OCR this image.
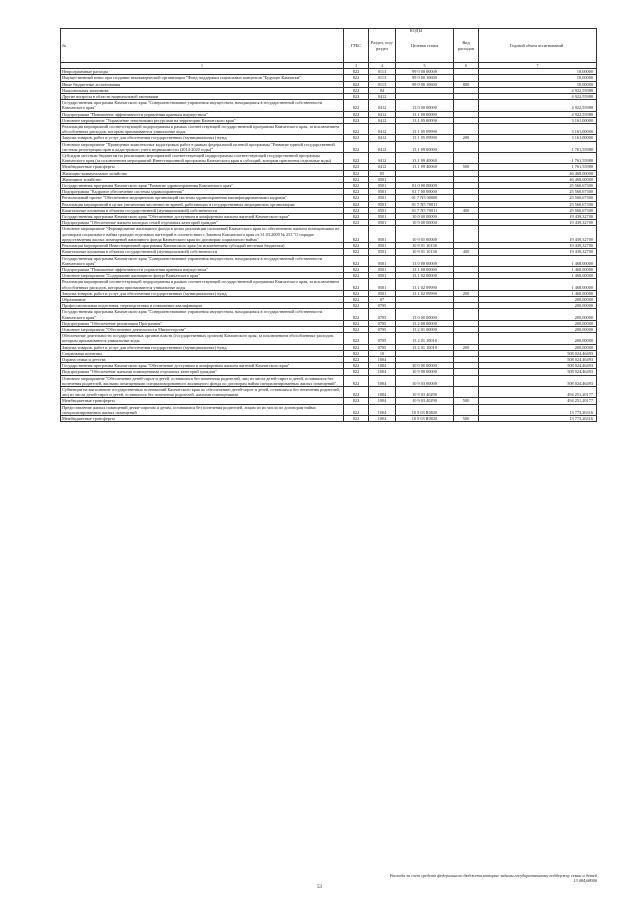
№	ГРБС	Раздел, под-раздел	Целевая статья	Вид расходов	Годовой объем ассигнований
1	3	4	5	6	7
Непрограммные расходы	822	0113	99 0 00 00000		10,00000
Имущественный взнос при создании некоммерческой организации "Фонд поддержки социальных концептов "Будущее Камчатки"	822	0113	99 0 00 10600		10,00000
Иные бюджетные ассигнования	822	0113	99 0 00 10600	800	10,00000
Национальная экономика	822	04			4 922,55988
Другие вопросы в области национальной экономики	822	0412			4 922,55988
Государственная программа Камчатского края "Совершенствование управления имуществом, находящимся в государственной собственности Камчатского края"	822	0412	13 0 00 00000		4 922,55988
Подпрограмма "Повышение эффективности управления краевым имуществом"	822	0412	13 1 00 00000		4 922,55988
Основное мероприятие "Управление земельными ресурсами на территории Камчатского края"	822	0412	13 1 05 00000		3 161,00000
Реализация мероприятий соответствующей подпрограммы в рамках соответствующей государственной программы Камчатского края, за исключением обособленных расходов, которым присваиваются уникальные коды	822	0412	13 1 05 09990		3 161,00000
Закупка товаров, работ и услуг для обеспечения государственных (муниципальных) нужд	822	0412	13 1 05 09990	200	3 161,00000
Основное мероприятие "Проведение комплексных кадастровых работ в рамках федеральной целевой программы "Развитие единой государственной системы регистрации прав и кадастрового учета недвижимости (2014-2020 годы)"	822	0412	13 1 09 00000		1 761,55988
Субсидии местным бюджетам на реализацию мероприятий соответствующей подпрограммы соответствующей государственной программы Камчатского края (за исключением мероприятий Инвестиционной программы Камчатского края и субсидий, которым присвоены отдельные коды)	822	0412	13 1 09 40060		1 761,55988
Межбюджетные трансферты	822	0412	13 1 09 40060	500	1 761,55988
Жилищно-коммунальное хозяйство	822	05			46 468,00000
Жилищное хозяйство	822	0501			46 468,00000
Государственная программа Камчатского края "Развитие здравоохранения Камчатского края"	822	0501	01 0 00 00000		25 560,67300
Подпрограмма "Кадровое обеспечение системы здравоохранения"	822	0501	01 7 00 00000		25 560,67300
Региональный проект "Обеспечение медицинских организаций системы здравоохранения квалифицированными кадрами"	822	0501	01 7 N5 00000		25 560,67300
Реализация мероприятий в целях увеличения численности врачей, работающих в государственных медицинских организациях	822	0501	01 7 N5 70011		25 560,67300
Капитальные вложения в объекты государственной (муниципальной) собственности	822	0501	01 7 N5 70011	400	25 560,67300
Государственная программа Камчатского края "Обеспечение доступным и комфортным жильем жителей Камчатского края"	822	0501	10 0 00 00000		19 439,32700
Подпрограмма "Обеспечение жильем молодых семей отдельных категорий граждан"	822	0501	10 9 00 00000		19 439,32700
Основное мероприятие "Формирование жилищного фонда в целях реализации положений Камчатского края по обеспечению жильем помещениями по договорам социального найма граждан отдельных категорий в соответствии с Законом Камчатского края от 31.03.2009 № 253 "О порядке предоставления жилых помещений жилищного фонда Камчатского края по договорам социального найма"	822	0501	10 9 01 00000		19 439,32700
Реализация мероприятий Инвестиционной программы Камчатского края (за исключением субсидий местным бюджетам)	822	0501	10 9 01 10130		19 439,32700
Капитальные вложения в объекты государственной (муниципальной) собственности	822	0501	10 9 01 10130	400	19 439,32700
Государственная программа Камчатского края "Совершенствование управления имуществом, находящимся в государственной собственности Камчатского края"	822	0501	13 0 00 00000		1 468,00000
Подпрограмма "Повышение эффективности управления краевым имуществом"	822	0501	13 1 00 00000		1 468,00000
Основное мероприятие "Содержание жилищного фонда Камчатского края"	822	0501	13 1 02 00000		1 468,00000
Реализация мероприятий соответствующей подпрограммы в рамках соответствующей государственной программы Камчатского края, за исключением обособленных расходов, которым присваиваются уникальные коды	822	0501	13 1 02 09990		1 468,00000
Закупка товаров, работ и услуг для обеспечения государственных (муниципальных) нужд	822	0501	13 1 02 09990	200	1 468,00000
Образование	822	07			200,00000
Профессиональная подготовка, переподготовка и повышение квалификации	822	0705			200,00000
Государственная программа Камчатского края "Совершенствование управления имуществом, находящимся в государственной собственности Камчатского края"	822	0705	13 0 00 00000		200,00000
Подпрограмма "Обеспечение реализации Программы"	822	0705	13 2 00 00000		200,00000
Основное мероприятие "Обеспечение деятельности Министерства"	822	0705	13 2 01 00000		200,00000
Обеспечение деятельности государственных органов власти (государственных органов) Камчатского края, за исключением обособленных расходов, которым присваиваются уникальные коды	822	0705	13 2 01 10010		200,00000
Закупка товаров, работ и услуг для обеспечения государственных (муниципальных) нужд	822	0705	13 2 01 10010	200	200,00000
Социальная политика	822	10			508 024,46493
Охрана семьи и детства	822	1004			508 024,46493
Государственная программа Камчатского края "Обеспечение доступным и комфортным жильем жителей Камчатского края"	822	1004	10 0 00 00000		508 024,46493
Подпрограмма "Обеспечение жилыми помещениями отдельных категорий граждан"	822	1004	10 9 00 00000		508 024,46493
Основное мероприятие "Обеспечение детей-сирот и детей, оставшихся без попечения родителей, лиц из числа детей-сирот и детей, оставшихся без попечения родителей, жилыми помещениями специализированного жилищного фонда по договорам найма специализированных жилых помещений"	822	1004	10 9 03 00000		508 024,46493
Субвенции на выполнение государственных полномочий Камчатского края по обеспечению детей-сирот и детей, оставшихся без попечения родителей, лиц из числа детей-сирот и детей, оставшихся без попечения родителей, жилыми помещениями	822	1004	10 9 03 40290		494 251,20177
Межбюджетные трансферты	822	1004	10 9 03 40290	500	494 251,20177
Предоставление жилых помещений детям-сиротам и детям, оставшимся без попечения родителей, лицам из их числа по договорам найма специализированных жилых помещений	822	1004	10 9 03 R0820		13 773,26316
Межбюджетные трансферты	822	1004	10 9 03 R0820	500	13 773,26316
КОДЫ
Расходы за счет средств федерального бюджета,которые заданы государственному поддержку семьи и детей
13 084,68000
53
